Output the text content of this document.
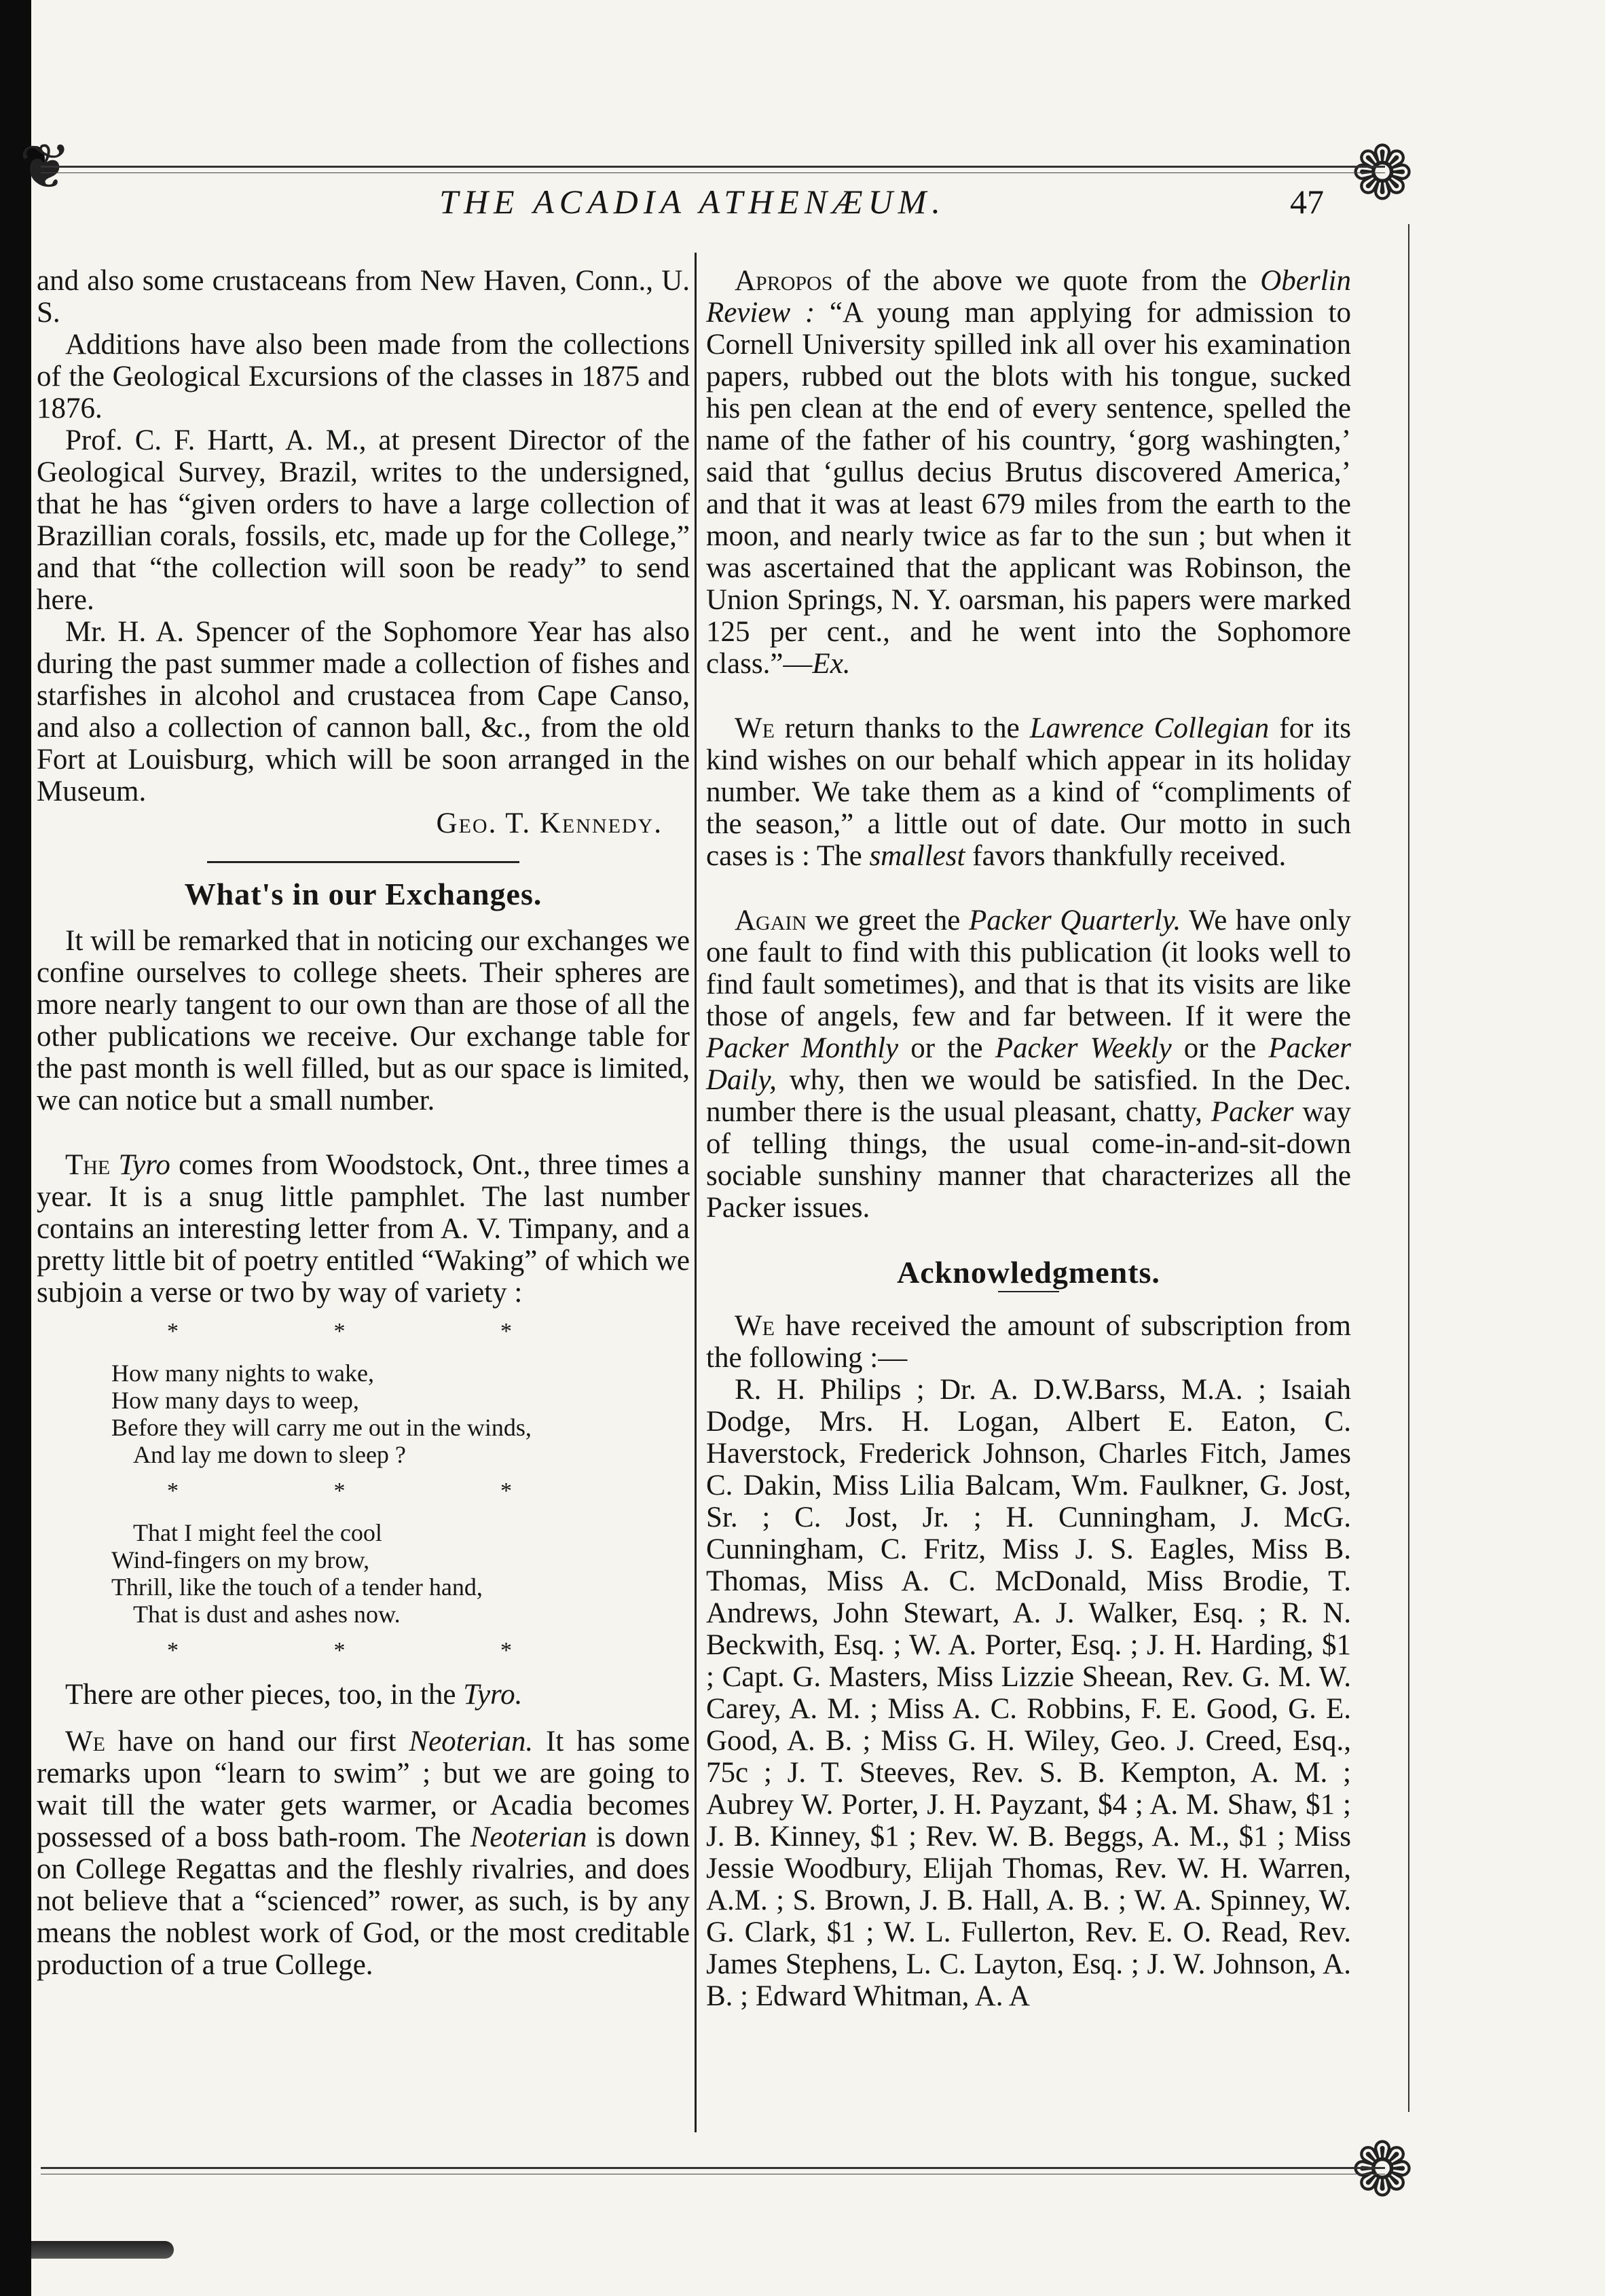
❦	❁
❁
THE ACADIA ATHENÆUM.	47

and also some crustaceans from New Haven, Conn., U. S.

Additions have also been made from the collections of the Geological Excursions of the classes in 1875 and 1876.

Prof. C. F. Hartt, A. M., at present Director of the Geological Survey, Brazil, writes to the undersigned, that he has “given orders to have a large collection of Brazillian corals, fossils, etc, made up for the College,” and that “the collection will soon be ready” to send here.

Mr. H. A. Spencer of the Sophomore Year has also during the past summer made a collection of fishes and starfishes in alcohol and crustacea from Cape Canso, and also a collection of cannon ball, &c., from the old Fort at Louisburg, which will be soon arranged in the Museum.

Geo. T. Kennedy.

What's in our Exchanges.

It will be remarked that in noticing our exchanges we confine ourselves to college sheets. Their spheres are more nearly tangent to our own than are those of all the other publications we receive. Our exchange table for the past month is well filled, but as our space is limited, we can notice but a small number.

The Tyro comes from Woodstock, Ont., three times a year. It is a snug little pamphlet. The last number contains an interesting letter from A. V. Timpany, and a pretty little bit of poetry entitled “Waking” of which we subjoin a verse or two by way of variety :

* * *
How many nights to wake,
How many days to weep,
Before they will carry me out in the winds,
And lay me down to sleep ?
* * *
That I might feel the cool
Wind-fingers on my brow,
Thrill, like the touch of a tender hand,
That is dust and ashes now.
* * *

There are other pieces, too, in the Tyro.

We have on hand our first Neoterian. It has some remarks upon “learn to swim” ; but we are going to wait till the water gets warmer, or Acadia becomes possessed of a boss bath-room. The Neoterian is down on College Regattas and the fleshly rivalries, and does not believe that a “scienced” rower, as such, is by any means the noblest work of God, or the most creditable production of a true College.

Apropos of the above we quote from the Oberlin Review : “A young man applying for admission to Cornell University spilled ink all over his examination papers, rubbed out the blots with his tongue, sucked his pen clean at the end of every sentence, spelled the name of the father of his country, ‘gorg washingten,’ said that ‘gullus decius Brutus discovered America,’ and that it was at least 679 miles from the earth to the moon, and nearly twice as far to the sun ; but when it was ascertained that the applicant was Robinson, the Union Springs, N. Y. oarsman, his papers were marked 125 per cent., and he went into the Sophomore class.”—Ex.

We return thanks to the Lawrence Collegian for its kind wishes on our behalf which appear in its holiday number. We take them as a kind of “compliments of the season,” a little out of date. Our motto in such cases is : The smallest favors thankfully received.

Again we greet the Packer Quarterly. We have only one fault to find with this publication (it looks well to find fault sometimes), and that is that its visits are like those of angels, few and far between. If it were the Packer Monthly or the Packer Weekly or the Packer Daily, why, then we would be satisfied. In the Dec. number there is the usual pleasant, chatty, Packer way of telling things, the usual come-in-and-sit-down sociable sunshiny manner that characterizes all the Packer issues.

Acknowledgments.

We have received the amount of subscription from the following :—

R. H. Philips ; Dr. A. D.W.Barss, M.A. ; Isaiah Dodge, Mrs. H. Logan, Albert E. Eaton, C. Haverstock, Frederick Johnson, Charles Fitch, James C. Dakin, Miss Lilia Balcam, Wm. Faulkner, G. Jost, Sr. ; C. Jost, Jr. ; H. Cunningham, J. McG. Cunningham, C. Fritz, Miss J. S. Eagles, Miss B. Thomas, Miss A. C. McDonald, Miss Brodie, T. Andrews, John Stewart, A. J. Walker, Esq. ; R. N. Beckwith, Esq. ; W. A. Porter, Esq. ; J. H. Harding, $1 ; Capt. G. Masters, Miss Lizzie Sheean, Rev. G. M. W. Carey, A. M. ; Miss A. C. Robbins, F. E. Good, G. E. Good, A. B. ; Miss G. H. Wiley, Geo. J. Creed, Esq., 75c ; J. T. Steeves, Rev. S. B. Kempton, A. M. ; Aubrey W. Porter, J. H. Payzant, $4 ; A. M. Shaw, $1 ; J. B. Kinney, $1 ; Rev. W. B. Beggs, A. M., $1 ; Miss Jessie Woodbury, Elijah Thomas, Rev. W. H. Warren, A.M. ; S. Brown, J. B. Hall, A. B. ; W. A. Spinney, W. G. Clark, $1 ; W. L. Fullerton, Rev. E. O. Read, Rev. James Stephens, L. C. Layton, Esq. ; J. W. Johnson, A. B. ; Edward Whitman, A. A
